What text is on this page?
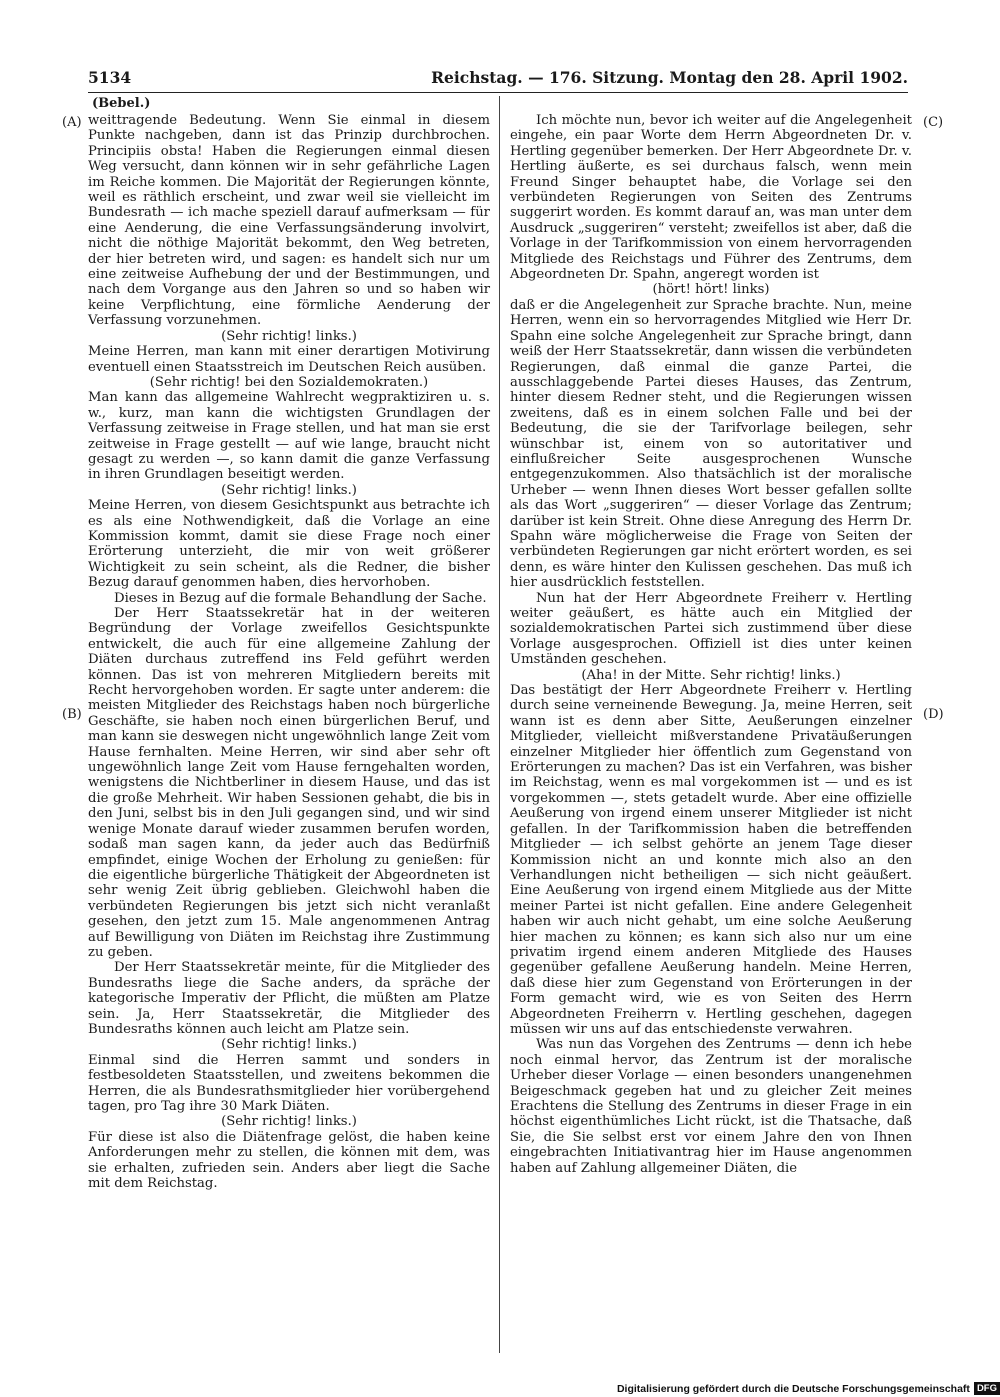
5134	Reichstag. — 176. Sitzung. Montag den 28. April 1902.
(Bebel.)
(A)
(B)
(C)
(D)

weittragende Bedeutung. Wenn Sie einmal in diesem Punkte nachgeben, dann ist das Prinzip durchbrochen. Principiis obsta! Haben die Regierungen einmal diesen Weg versucht, dann können wir in sehr gefährliche Lagen im Reiche kommen. Die Majorität der Regierungen könnte, weil es räthlich erscheint, und zwar weil sie vielleicht im Bundesrath — ich mache speziell darauf aufmerksam — für eine Aenderung, die eine Verfassungsänderung involvirt, nicht die nöthige Majorität bekommt, den Weg betreten, der hier betreten wird, und sagen: es handelt sich nur um eine zeitweise Aufhebung der und der Bestimmungen, und nach dem Vorgange aus den Jahren so und so haben wir keine Verpflichtung, eine förmliche Aenderung der Verfassung vorzunehmen.

(Sehr richtig! links.)

Meine Herren, man kann mit einer derartigen Motivirung eventuell einen Staatsstreich im Deutschen Reich ausüben.

(Sehr richtig! bei den Sozialdemokraten.)

Man kann das allgemeine Wahlrecht wegpraktiziren u. s. w., kurz, man kann die wichtigsten Grundlagen der Verfassung zeitweise in Frage stellen, und hat man sie erst zeitweise in Frage gestellt — auf wie lange, braucht nicht gesagt zu werden —, so kann damit die ganze Verfassung in ihren Grundlagen beseitigt werden.

(Sehr richtig! links.)

Meine Herren, von diesem Gesichtspunkt aus betrachte ich es als eine Nothwendigkeit, daß die Vorlage an eine Kommission kommt, damit sie diese Frage noch einer Erörterung unterzieht, die mir von weit größerer Wichtigkeit zu sein scheint, als die Redner, die bisher Bezug darauf genommen haben, dies hervorhoben.

Dieses in Bezug auf die formale Behandlung der Sache.

Der Herr Staatssekretär hat in der weiteren Begründung der Vorlage zweifellos Gesichtspunkte entwickelt, die auch für eine allgemeine Zahlung der Diäten durchaus zutreffend ins Feld geführt werden können. Das ist von mehreren Mitgliedern bereits mit Recht hervorgehoben worden. Er sagte unter anderem: die meisten Mitglieder des Reichstags haben noch bürgerliche Geschäfte, sie haben noch einen bürgerlichen Beruf, und man kann sie deswegen nicht ungewöhnlich lange Zeit vom Hause fernhalten. Meine Herren, wir sind aber sehr oft ungewöhnlich lange Zeit vom Hause ferngehalten worden, wenigstens die Nichtberliner in diesem Hause, und das ist die große Mehrheit. Wir haben Sessionen gehabt, die bis in den Juni, selbst bis in den Juli gegangen sind, und wir sind wenige Monate darauf wieder zusammen berufen worden, sodaß man sagen kann, da jeder auch das Bedürfniß empfindet, einige Wochen der Erholung zu genießen: für die eigentliche bürgerliche Thätigkeit der Abgeordneten ist sehr wenig Zeit übrig geblieben. Gleichwohl haben die verbündeten Regierungen bis jetzt sich nicht veranlaßt gesehen, den jetzt zum 15. Male angenommenen Antrag auf Bewilligung von Diäten im Reichstag ihre Zustimmung zu geben.

Der Herr Staatssekretär meinte, für die Mitglieder des Bundesraths liege die Sache anders, da spräche der kategorische Imperativ der Pflicht, die müßten am Platze sein. Ja, Herr Staatssekretär, die Mitglieder des Bundesraths können auch leicht am Platze sein.

(Sehr richtig! links.)

Einmal sind die Herren sammt und sonders in festbesoldeten Staatsstellen, und zweitens bekommen die Herren, die als Bundesrathsmitglieder hier vorübergehend tagen, pro Tag ihre 30 Mark Diäten.

(Sehr richtig! links.)

Für diese ist also die Diätenfrage gelöst, die haben keine Anforderungen mehr zu stellen, die können mit dem, was sie erhalten, zufrieden sein. Anders aber liegt die Sache mit dem Reichstag.

Ich möchte nun, bevor ich weiter auf die Angelegenheit eingehe, ein paar Worte dem Herrn Abgeordneten Dr. v. Hertling gegenüber bemerken. Der Herr Abgeordnete Dr. v. Hertling äußerte, es sei durchaus falsch, wenn mein Freund Singer behauptet habe, die Vorlage sei den verbündeten Regierungen von Seiten des Zentrums suggerirt worden. Es kommt darauf an, was man unter dem Ausdruck „suggeriren“ versteht; zweifellos ist aber, daß die Vorlage in der Tarifkommission von einem hervorragenden Mitgliede des Reichstags und Führer des Zentrums, dem Abgeordneten Dr. Spahn, angeregt worden ist

(hört! hört! links)

daß er die Angelegenheit zur Sprache brachte. Nun, meine Herren, wenn ein so hervorragendes Mitglied wie Herr Dr. Spahn eine solche Angelegenheit zur Sprache bringt, dann weiß der Herr Staatssekretär, dann wissen die verbündeten Regierungen, daß einmal die ganze Partei, die ausschlaggebende Partei dieses Hauses, das Zentrum, hinter diesem Redner steht, und die Regierungen wissen zweitens, daß es in einem solchen Falle und bei der Bedeutung, die sie der Tarifvorlage beilegen, sehr wünschbar ist, einem von so autoritativer und einflußreicher Seite ausgesprochenen Wunsche entgegenzukommen. Also thatsächlich ist der moralische Urheber — wenn Ihnen dieses Wort besser gefallen sollte als das Wort „suggeriren“ — dieser Vorlage das Zentrum; darüber ist kein Streit. Ohne diese Anregung des Herrn Dr. Spahn wäre möglicherweise die Frage von Seiten der verbündeten Regierungen gar nicht erörtert worden, es sei denn, es wäre hinter den Kulissen geschehen. Das muß ich hier ausdrücklich feststellen.

Nun hat der Herr Abgeordnete Freiherr v. Hertling weiter geäußert, es hätte auch ein Mitglied der sozialdemokratischen Partei sich zustimmend über diese Vorlage ausgesprochen. Offiziell ist dies unter keinen Umständen geschehen.

(Aha! in der Mitte. Sehr richtig! links.)

Das bestätigt der Herr Abgeordnete Freiherr v. Hertling durch seine verneinende Bewegung. Ja, meine Herren, seit wann ist es denn aber Sitte, Aeußerungen einzelner Mitglieder, vielleicht mißverstandene Privatäußerungen einzelner Mitglieder hier öffentlich zum Gegenstand von Erörterungen zu machen? Das ist ein Verfahren, was bisher im Reichstag, wenn es mal vorgekommen ist — und es ist vorgekommen —, stets getadelt wurde. Aber eine offizielle Aeußerung von irgend einem unserer Mitglieder ist nicht gefallen. In der Tarifkommission haben die betreffenden Mitglieder — ich selbst gehörte an jenem Tage dieser Kommission nicht an und konnte mich also an den Verhandlungen nicht betheiligen — sich nicht geäußert. Eine Aeußerung von irgend einem Mitgliede aus der Mitte meiner Partei ist nicht gefallen. Eine andere Gelegenheit haben wir auch nicht gehabt, um eine solche Aeußerung hier machen zu können; es kann sich also nur um eine privatim irgend einem anderen Mitgliede des Hauses gegenüber gefallene Aeußerung handeln. Meine Herren, daß diese hier zum Gegenstand von Erörterungen in der Form gemacht wird, wie es von Seiten des Herrn Abgeordneten Freiherrn v. Hertling geschehen, dagegen müssen wir uns auf das entschiedenste verwahren.

Was nun das Vorgehen des Zentrums — denn ich hebe noch einmal hervor, das Zentrum ist der moralische Urheber dieser Vorlage — einen besonders unangenehmen Beigeschmack gegeben hat und zu gleicher Zeit meines Erachtens die Stellung des Zentrums in dieser Frage in ein höchst eigenthümliches Licht rückt, ist die Thatsache, daß Sie, die Sie selbst erst vor einem Jahre den von Ihnen eingebrachten Initiativantrag hier im Hause angenommen haben auf Zahlung allgemeiner Diäten, die

Digitalisierung gefördert durch die Deutsche Forschungsgemeinschaft DFG
